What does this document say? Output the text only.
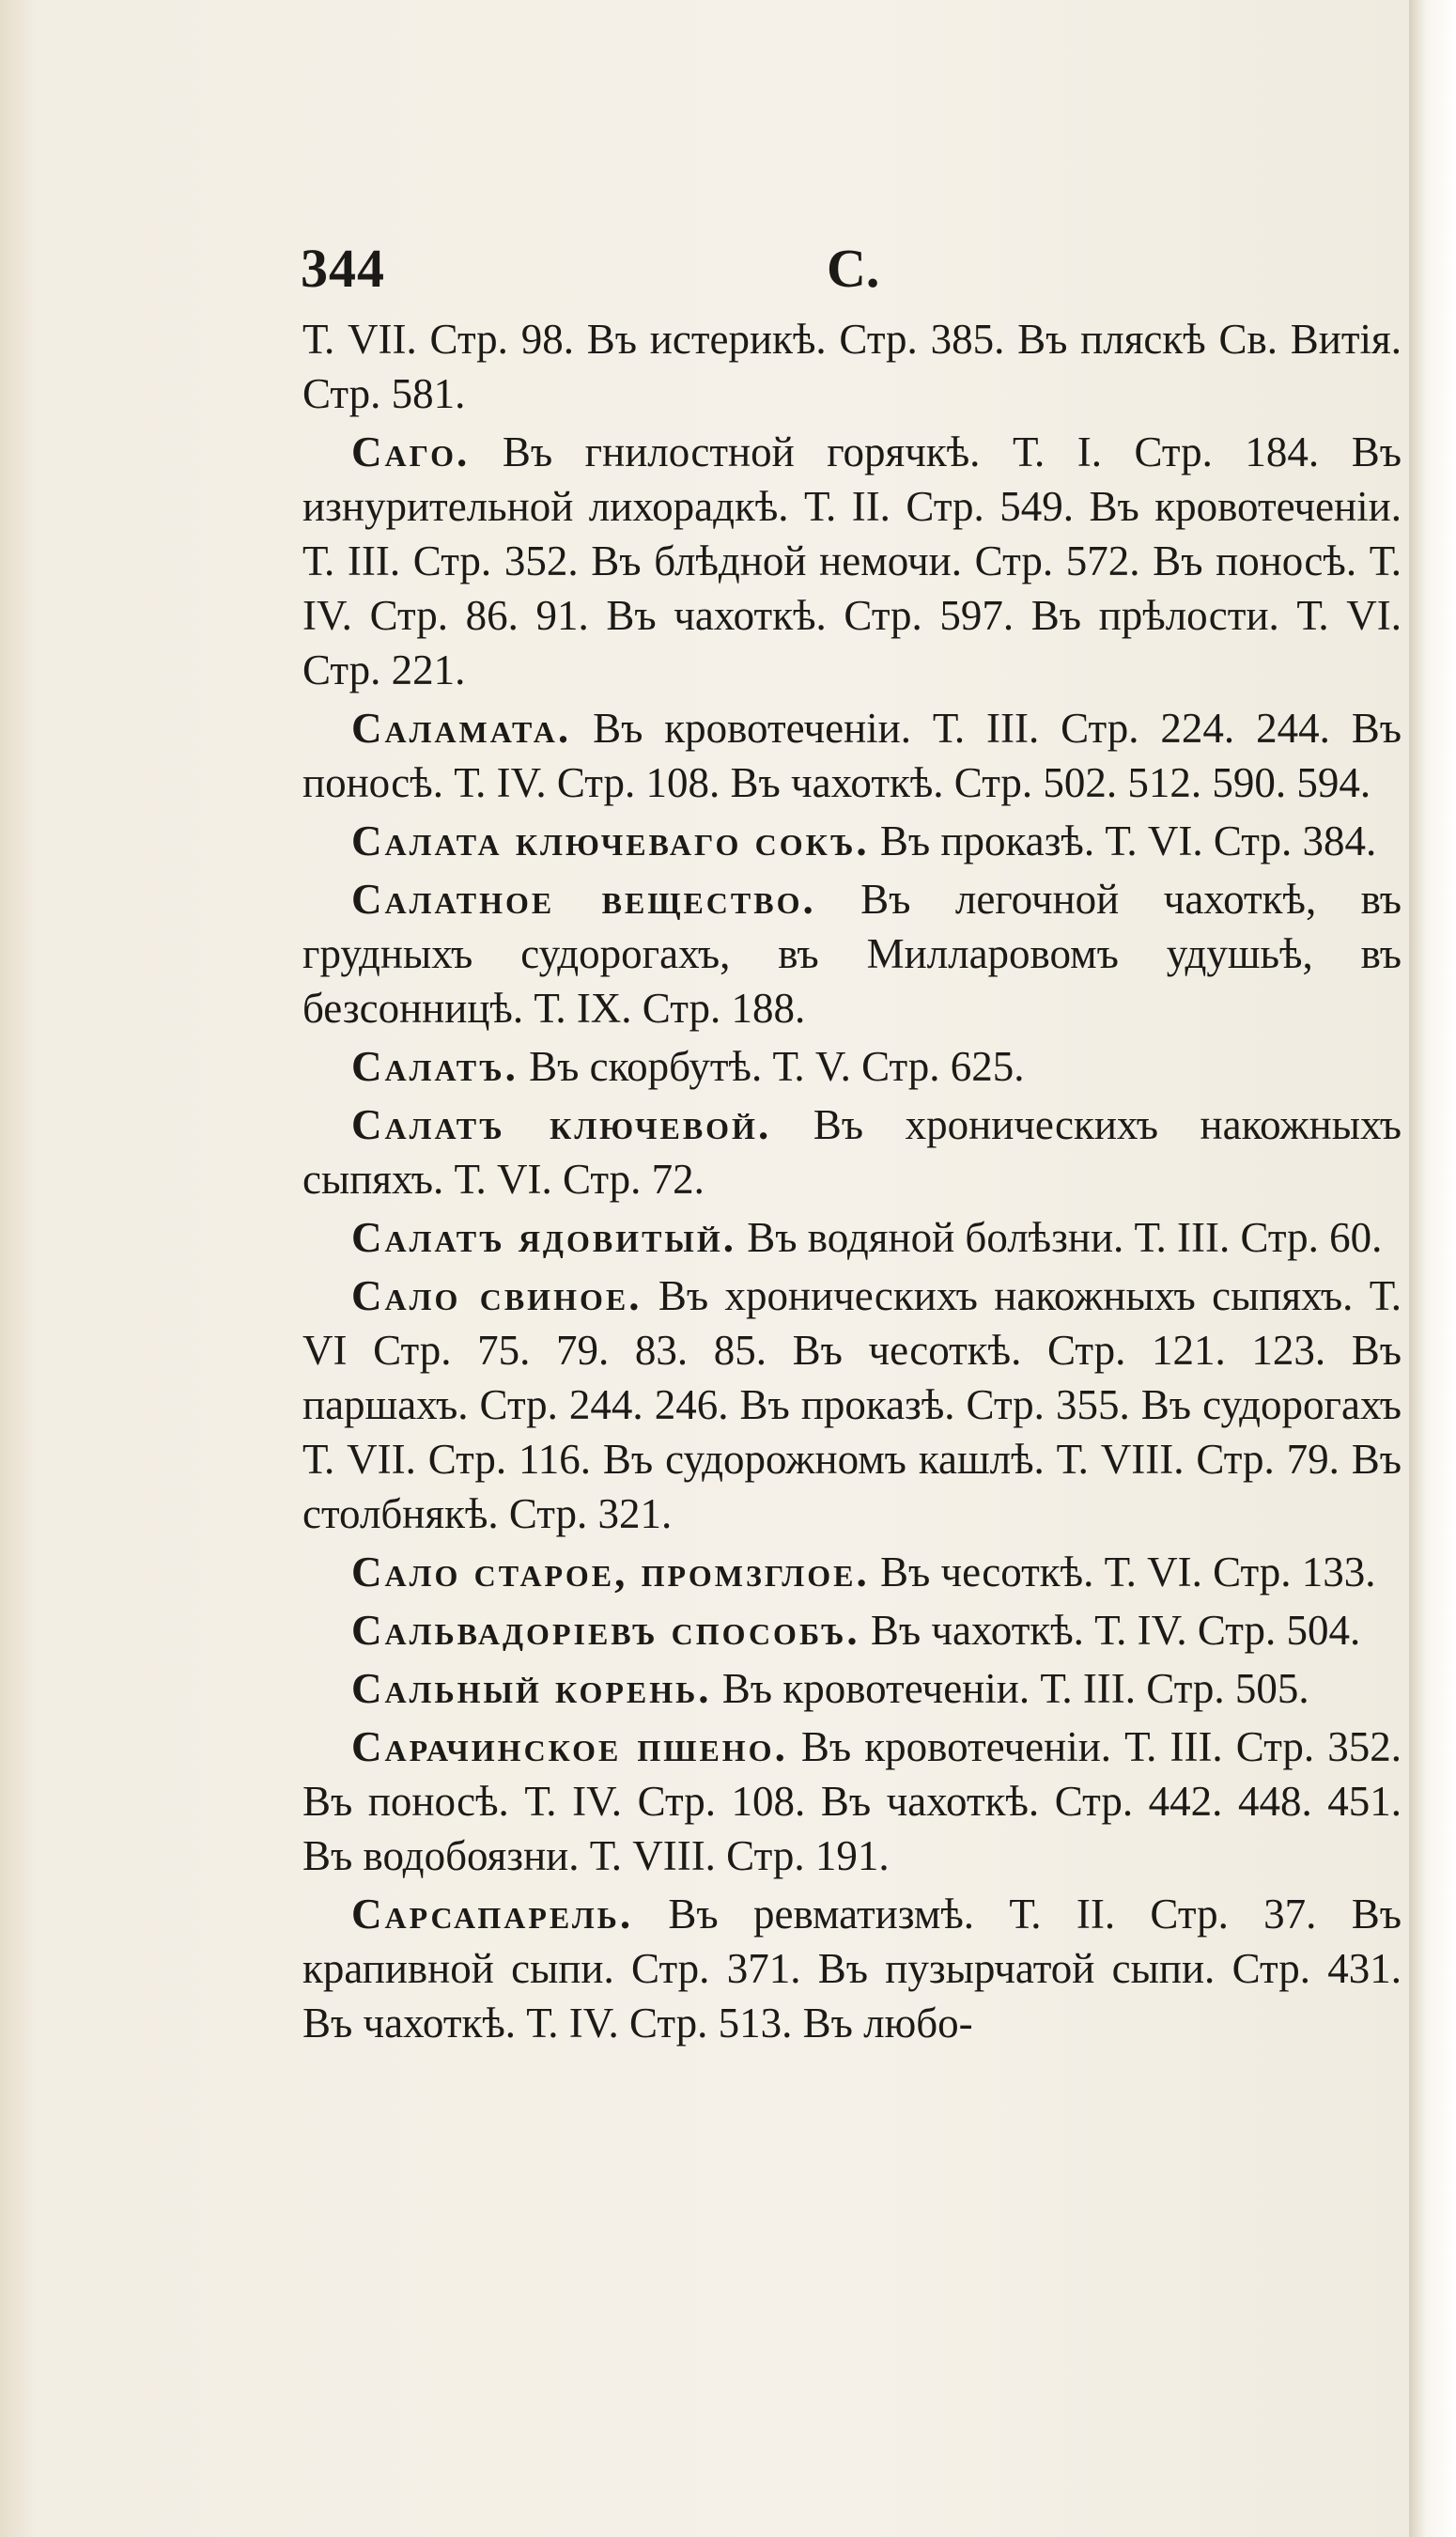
344	С.

Т. VII. Стр. 98. Въ истерикѣ. Стр. 385. Въ пляскѣ Св. Витія. Стр. 581.

Саго. Въ гнилостной горячкѣ. Т. I. Стр. 184. Въ изнурительной лихорадкѣ. Т. II. Стр. 549. Въ кровотеченіи. Т. III. Стр. 352. Въ блѣдной немочи. Стр. 572. Въ поносѣ. Т. IV. Стр. 86. 91. Въ чахоткѣ. Стр. 597. Въ прѣлости. Т. VI. Стр. 221.

Саламата. Въ кровотеченіи. Т. III. Стр. 224. 244. Въ поносѣ. Т. IV. Стр. 108. Въ чахоткѣ. Стр. 502. 512. 590. 594.

Салата ключеваго сокъ. Въ проказѣ. Т. VI. Стр. 384.

Салатное вещество. Въ легочной чахоткѣ, въ грудныхъ судорогахъ, въ Милларовомъ удушьѣ, въ безсонницѣ. Т. IX. Стр. 188.

Салатъ. Въ скорбутѣ. Т. V. Стр. 625.

Салатъ ключевой. Въ хроническихъ накожныхъ сыпяхъ. Т. VI. Стр. 72.

Салатъ ядовитый. Въ водяной болѣзни. Т. III. Стр. 60.

Сало свиное. Въ хроническихъ накожныхъ сыпяхъ. Т. VI Стр. 75. 79. 83. 85. Въ чесоткѣ. Стр. 121. 123. Въ паршахъ. Стр. 244. 246. Въ проказѣ. Стр. 355. Въ судорогахъ Т. VII. Стр. 116. Въ судорожномъ кашлѣ. Т. VIII. Стр. 79. Въ столбнякѣ. Стр. 321.

Сало старое, промзглое. Въ чесоткѣ. Т. VI. Стр. 133.

Сальвадоріевъ способъ. Въ чахоткѣ. Т. IV. Стр. 504.

Сальный корень. Въ кровотеченіи. Т. III. Стр. 505.

Сарачинское пшено. Въ кровотеченіи. Т. III. Стр. 352. Въ поносѣ. Т. IV. Стр. 108. Въ чахоткѣ. Стр. 442. 448. 451. Въ водобоязни. Т. VIII. Стр. 191.

Сарсапарель. Въ ревматизмѣ. Т. II. Стр. 37. Въ крапивной сыпи. Стр. 371. Въ пузырчатой сыпи. Стр. 431. Въ чахоткѣ. Т. IV. Стр. 513. Въ любо-
